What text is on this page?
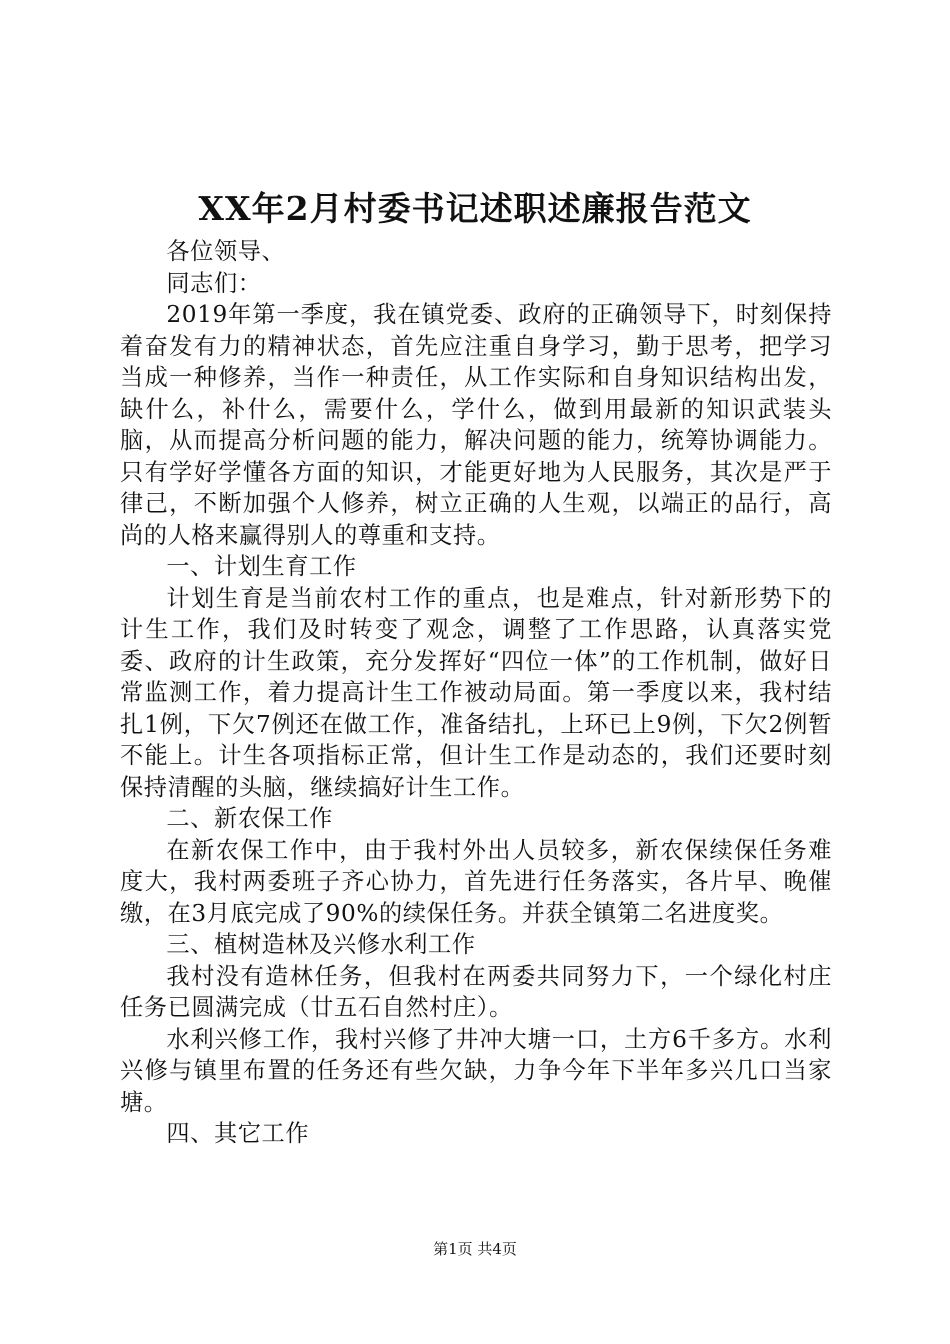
XX年2月村委书记述职述廉报告范文

各位领导、

同志们：

2019年第一季度，我在镇党委、政府的正确领导下，时刻保持着奋发有力的精神状态，首先应注重自身学习，勤于思考，把学习当成一种修养，当作一种责任，从工作实际和自身知识结构出发，缺什么，补什么，需要什么，学什么，做到用最新的知识武装头脑，从而提高分析问题的能力，解决问题的能力，统筹协调能力。只有学好学懂各方面的知识，才能更好地为人民服务，其次是严于律己，不断加强个人修养，树立正确的人生观，以端正的品行，高尚的人格来赢得别人的尊重和支持。

一、计划生育工作

计划生育是当前农村工作的重点，也是难点，针对新形势下的计生工作，我们及时转变了观念，调整了工作思路，认真落实党委、政府的计生政策，充分发挥好“四位一体”的工作机制，做好日常监测工作，着力提高计生工作被动局面。第一季度以来，我村结扎1例，下欠7例还在做工作，准备结扎，上环已上9例，下欠2例暂不能上。计生各项指标正常，但计生工作是动态的，我们还要时刻保持清醒的头脑，继续搞好计生工作。

二、新农保工作

在新农保工作中，由于我村外出人员较多，新农保续保任务难度大，我村两委班子齐心协力，首先进行任务落实，各片早、晚催缴，在3月底完成了90%的续保任务。并获全镇第二名进度奖。

三、植树造林及兴修水利工作

我村没有造林任务，但我村在两委共同努力下，一个绿化村庄任务已圆满完成（廿五石自然村庄）。

水利兴修工作，我村兴修了井冲大塘一口，土方6千多方。水利兴修与镇里布置的任务还有些欠缺，力争今年下半年多兴几口当家塘。

四、其它工作

第1页 共4页
